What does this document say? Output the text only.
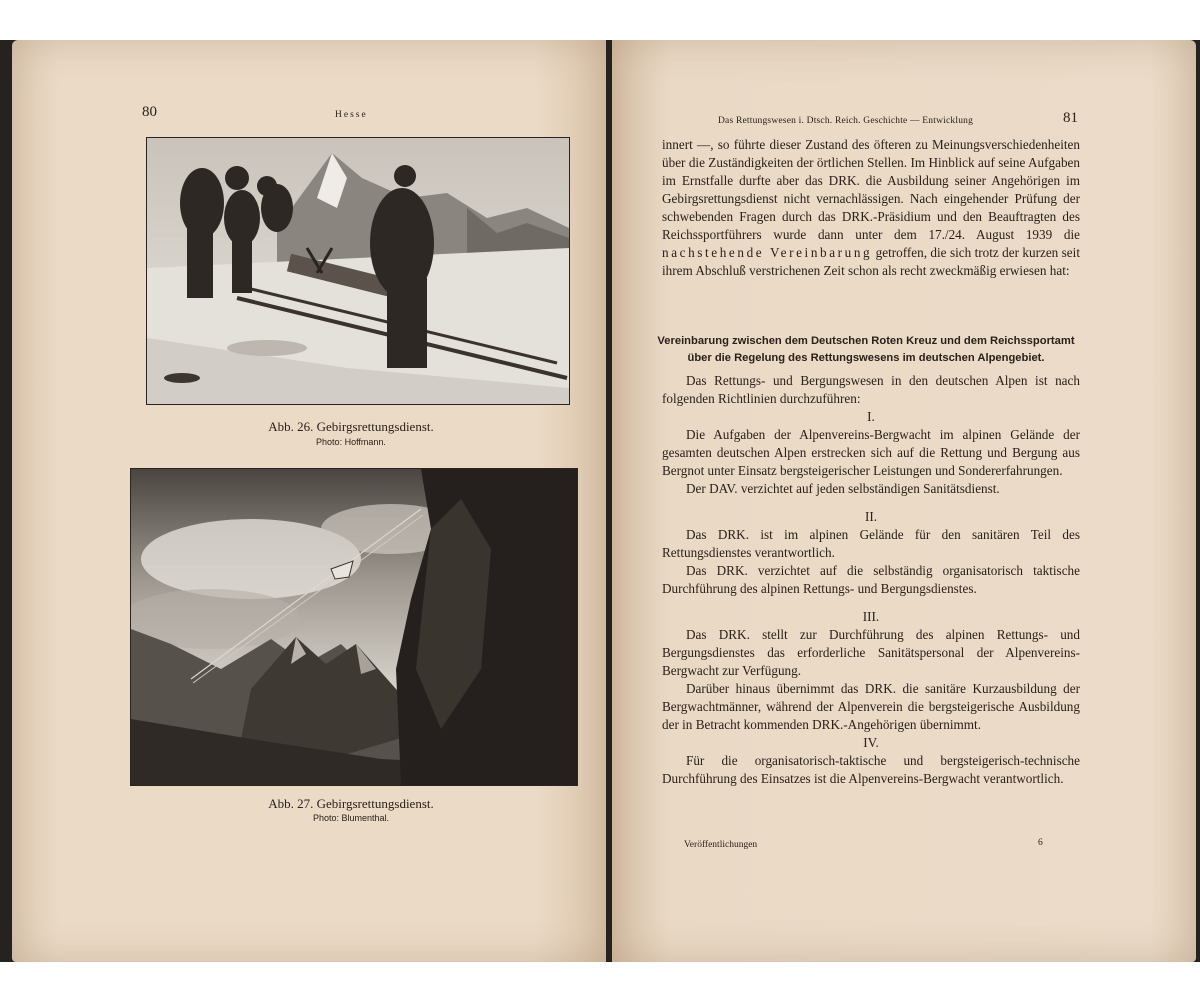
80	Hesse
Abb. 26. Gebirgsrettungsdienst.
Photo: Hoffmann.
Abb. 27. Gebirgsrettungsdienst.
Photo: Blumenthal.
Das Rettungswesen i. Dtsch. Reich. Geschichte — Entwicklung	81

innert —, so führte dieser Zustand des öfteren zu Meinungsverschiedenheiten über die Zuständigkeiten der örtlichen Stellen. Im Hinblick auf seine Aufgaben im Ernstfalle durfte aber das DRK. die Ausbildung seiner Angehörigen im Gebirgsrettungsdienst nicht vernachlässigen. Nach eingehender Prüfung der schwebenden Fragen durch das DRK.-Präsidium und den Beauftragten des Reichssportführers wurde dann unter dem 17./24. August 1939 die nachstehende Vereinbarung getroffen, die sich trotz der kurzen seit ihrem Abschluß verstrichenen Zeit schon als recht zweckmäßig erwiesen hat:

Vereinbarung zwischen dem Deutschen Roten Kreuz und dem Reichssportamt über die Regelung des Rettungswesens im deutschen Alpengebiet.

Das Rettungs- und Bergungswesen in den deutschen Alpen ist nach folgenden Richtlinien durchzuführen:

I.

Die Aufgaben der Alpenvereins-Bergwacht im alpinen Gelände der gesamten deutschen Alpen erstrecken sich auf die Rettung und Bergung aus Bergnot unter Einsatz bergsteigerischer Leistungen und Sondererfahrungen.

Der DAV. verzichtet auf jeden selbständigen Sanitätsdienst.

II.

Das DRK. ist im alpinen Gelände für den sanitären Teil des Rettungsdienstes verantwortlich.

Das DRK. verzichtet auf die selbständig organisatorisch taktische Durchführung des alpinen Rettungs- und Bergungsdienstes.

III.

Das DRK. stellt zur Durchführung des alpinen Rettungs- und Bergungsdienstes das erforderliche Sanitätspersonal der Alpenvereins-Bergwacht zur Verfügung.

Darüber hinaus übernimmt das DRK. die sanitäre Kurzausbildung der Bergwachtmänner, während der Alpenverein die bergsteigerische Ausbildung der in Betracht kommenden DRK.-Angehörigen übernimmt.

IV.

Für die organisatorisch-taktische und bergsteigerisch-technische Durchführung des Einsatzes ist die Alpenvereins-Bergwacht verantwortlich.

Veröffentlichungen	6
